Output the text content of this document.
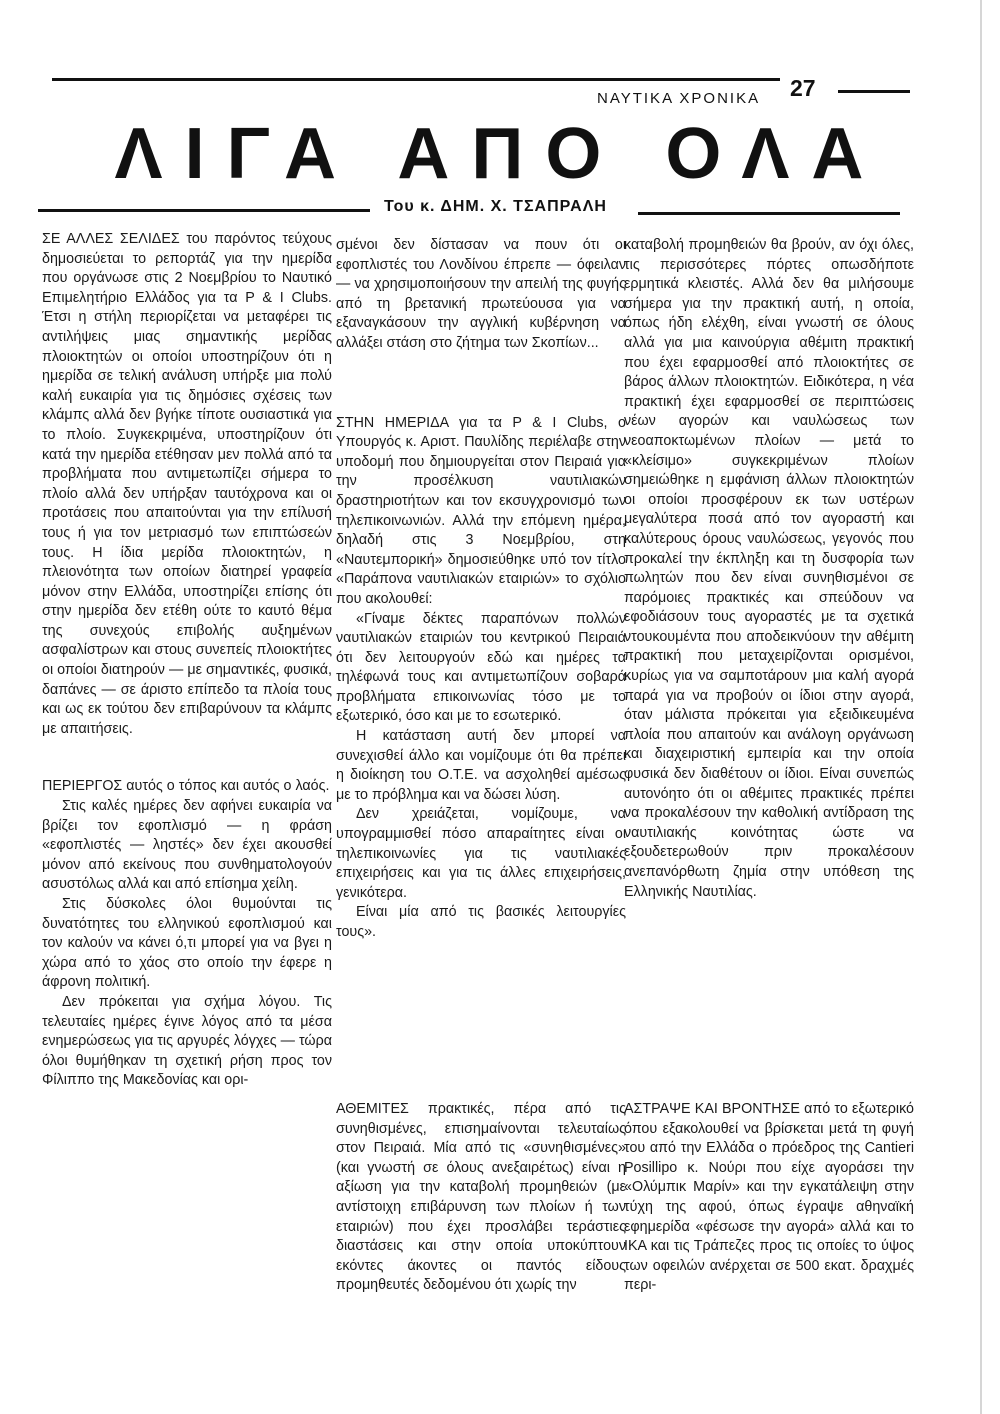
ΝΑΥΤΙΚΑ ΧΡΟΝΙΚΑ 27
ΛΙΓΑ ΑΠΟ ΟΛΑ
Του κ. ΔΗΜ. Χ. ΤΣΑΠΡΑΛΗ

ΣΕ ΑΛΛΕΣ ΣΕΛΙΔΕΣ του παρόντος τεύχους δημοσιεύεται το ρεπορτάζ για την ημερίδα που οργάνωσε στις 2 Νοεμβρίου το Ναυτικό Επιμελητήριο Ελλάδος για τα P & I Clubs. Έτσι η στήλη περιορίζεται να μεταφέρει τις αντιλήψεις μιας σημαντικής μερίδας πλοιοκτητών οι οποίοι υποστηρίζουν ότι η ημερίδα σε τελική ανάλυση υπήρξε μια πολύ καλή ευκαιρία για τις δημόσιες σχέσεις των κλάμπς αλλά δεν βγήκε τίποτε ουσιαστικά για το πλοίο. Συγκεκριμένα, υποστηρίζουν ότι κατά την ημερίδα ετέθησαν μεν πολλά από τα προβλήματα που αντιμετωπίζει σήμερα το πλοίο αλλά δεν υπήρξαν ταυτόχρονα και οι προτάσεις που απαιτούνται για την επίλυσή τους ή για τον μετριασμό των επιπτώσεών τους. Η ίδια μερίδα πλοιοκτητών, η πλειονότητα των οποίων διατηρεί γραφεία μόνον στην Ελλάδα, υποστηρίζει επίσης ότι στην ημερίδα δεν ετέθη ούτε το καυτό θέμα της συνεχούς επιβολής αυξημένων ασφαλίστρων και στους συνεπείς πλοιοκτήτες οι οποίοι διατηρούν — με σημαντικές, φυσικά, δαπάνες — σε άριστο επίπεδο τα πλοία τους και ως εκ τούτου δεν επιβαρύνουν τα κλάμπς με απαιτήσεις.

ΠΕΡΙΕΡΓΟΣ αυτός ο τόπος και αυτός ο λαός.

Στις καλές ημέρες δεν αφήνει ευκαιρία να βρίζει τον εφοπλισμό — η φράση «εφοπλιστές — ληστές» δεν έχει ακουσθεί μόνον από εκείνους που συνθηματολογούν ασυστόλως αλλά και από επίσημα χείλη.

Στις δύσκολες όλοι θυμούνται τις δυνατότητες του ελληνικού εφοπλισμού και τον καλούν να κάνει ό,τι μπορεί για να βγει η χώρα από το χάος στο οποίο την έφερε η άφρονη πολιτική.

Δεν πρόκειται για σχήμα λόγου. Τις τελευταίες ημέρες έγινε λόγος από τα μέσα ενημερώσεως για τις αργυρές λόγχες — τώρα όλοι θυμήθηκαν τη σχετική ρήση προς τον Φίλιππο της Μακεδονίας και ορι-

σμένοι δεν δίστασαν να πουν ότι οι εφοπλιστές του Λονδίνου έπρεπε — όφειλαν — να χρησιμοποιήσουν την απειλή της φυγής από τη βρετανική πρωτεύουσα για να εξαναγκάσουν την αγγλική κυβέρνηση να αλλάξει στάση στο ζήτημα των Σκοπίων...

ΣΤΗΝ ΗΜΕΡΙΔΑ για τα P & I Clubs, ο Υπουργός κ. Αριστ. Παυλίδης περιέλαβε στην υποδομή που δημιουργείται στον Πειραιά για την προσέλκυση ναυτιλιακών δραστηριοτήτων και τον εκσυγχρονισμό των τηλεπικοινωνιών. Αλλά την επόμενη ημέρα, δηλαδή στις 3 Νοεμβρίου, στη «Ναυτεμπορική» δημοσιεύθηκε υπό τον τίτλο «Παράπονα ναυτιλιακών εταιριών» το σχόλιο που ακολουθεί:

«Γίναμε δέκτες παραπόνων πολλών ναυτιλιακών εταιριών του κεντρικού Πειραιά ότι δεν λειτουργούν εδώ και ημέρες τα τηλέφωνά τους και αντιμετωπίζουν σοβαρά προβλήματα επικοινωνίας τόσο με το εξωτερικό, όσο και με το εσωτερικό.

Η κατάσταση αυτή δεν μπορεί να συνεχισθεί άλλο και νομίζουμε ότι θα πρέπει η διοίκηση του Ο.Τ.Ε. να ασχοληθεί αμέσως με το πρόβλημα και να δώσει λύση.

Δεν χρειάζεται, νομίζουμε, να υπογραμμισθεί πόσο απαραίτητες είναι οι τηλεπικοινωνίες για τις ναυτιλιακές επιχειρήσεις και για τις άλλες επιχειρήσεις, γενικότερα.

Είναι μία από τις βασικές λειτουργίες τους».

καταβολή προμηθειών θα βρούν, αν όχι όλες, τις περισσότερες πόρτες οπωσδήποτε ερμητικά κλειστές. Αλλά δεν θα μιλήσουμε σήμερα για την πρακτική αυτή, η οποία, όπως ήδη ελέχθη, είναι γνωστή σε όλους αλλά για μια καινούργια αθέμιτη πρακτική που έχει εφαρμοσθεί από πλοιοκτήτες σε βάρος άλλων πλοιοκτητών. Ειδικότερα, η νέα πρακτική έχει εφαρμοσθεί σε περιπτώσεις νέων αγορών και ναυλώσεως των νεοαποκτωμένων πλοίων — μετά το «κλείσιμο» συγκεκριμένων πλοίων σημειώθηκε η εμφάνιση άλλων πλοιοκτητών οι οποίοι προσφέρουν εκ των υστέρων μεγαλύτερα ποσά από τον αγοραστή και καλύτερους όρους ναυλώσεως, γεγονός που προκαλεί την έκπληξη και τη δυσφορία των πωλητών που δεν είναι συνηθισμένοι σε παρόμοιες πρακτικές και σπεύδουν να εφοδιάσουν τους αγοραστές με τα σχετικά ντουκουμέντα που αποδεικνύουν την αθέμιτη πρακτική που μεταχειρίζονται ορισμένοι, κυρίως για να σαμποτάρουν μια καλή αγορά παρά για να προβούν οι ίδιοι στην αγορά, όταν μάλιστα πρόκειται για εξειδικευμένα πλοία που απαιτούν και ανάλογη οργάνωση και διαχειριστική εμπειρία και την οποία φυσικά δεν διαθέτουν οι ίδιοι. Είναι συνεπώς αυτονόητο ότι οι αθέμιτες πρακτικές πρέπει να προκαλέσουν την καθολική αντίδραση της ναυτιλιακής κοινότητας ώστε να εξουδετερωθούν πριν προκαλέσουν ανεπανόρθωτη ζημία στην υπόθεση της Ελληνικής Ναυτιλίας.

ΑΘΕΜΙΤΕΣ πρακτικές, πέρα από τις συνηθισμένες, επισημαίνονται τελευταίως στον Πειραιά. Μία από τις «συνηθισμένες» (και γνωστή σε όλους ανεξαιρέτως) είναι η αξίωση για την καταβολή προμηθειών (με αντίστοιχη επιβάρυνση των πλοίων ή των εταιριών) που έχει προσλάβει τεράστιες διαστάσεις και στην οποία υποκύπτουν εκόντες άκοντες οι παντός είδους προμηθευτές δεδομένου ότι χωρίς την

ΑΣΤΡΑΨΕ ΚΑΙ ΒΡΟΝΤΗΣΕ από το εξωτερικό όπου εξακολουθεί να βρίσκεται μετά τη φυγή του από την Ελλάδα ο πρόεδρος της Cantieri Posillipo κ. Νούρι που είχε αγοράσει την «Ολύμπικ Μαρίν» και την εγκατάλειψη στην τύχη της αφού, όπως έγραψε αθηναϊκή εφημερίδα «φέσωσε την αγορά» αλλά και το ΙΚΑ και τις Τράπεζες προς τις οποίες το ύψος των οφειλών ανέρχεται σε 500 εκατ. δραχμές περι-
